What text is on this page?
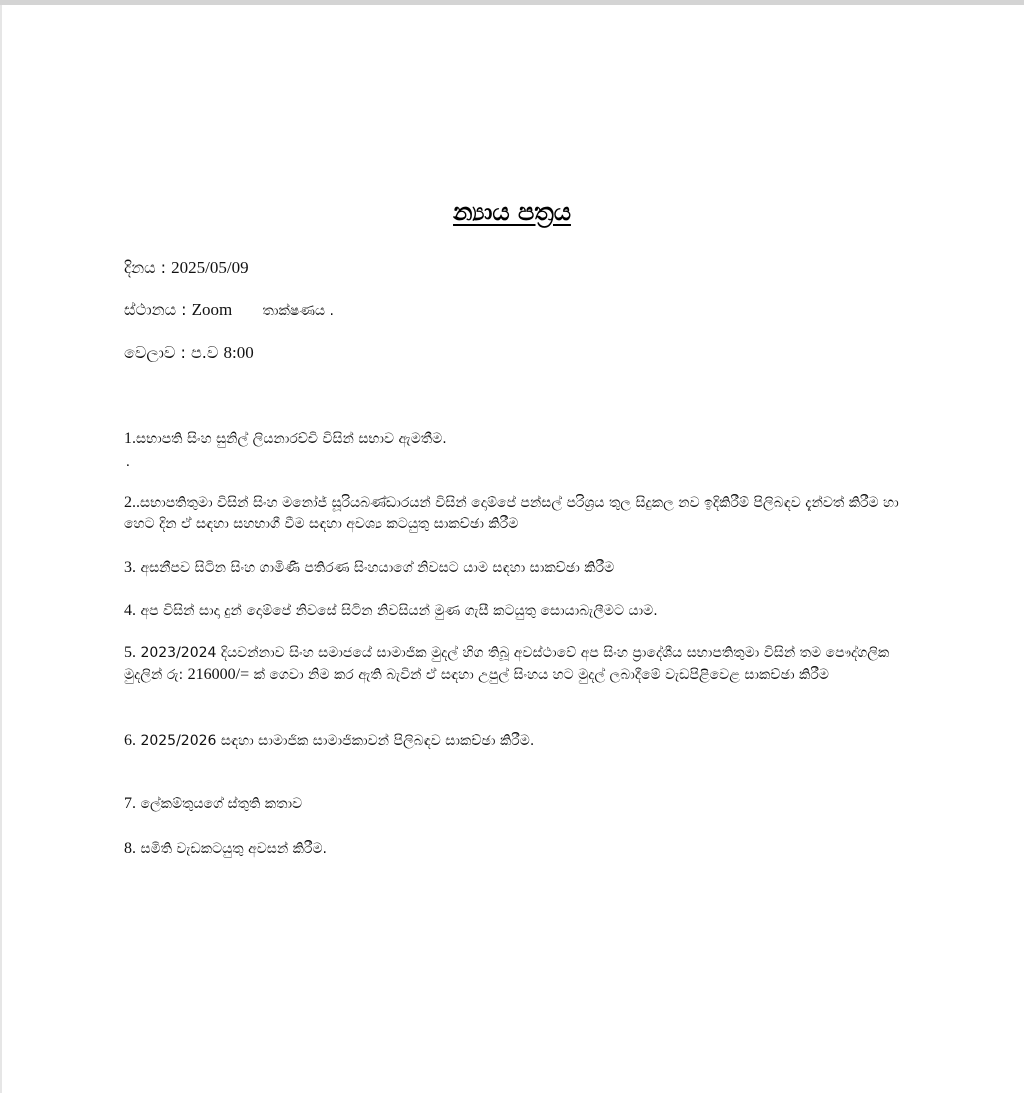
න්‍යාය පත්‍රය
දිනය : 2025/05/09
ස්ථානය : Zoom තාක්ෂණය .
වෙලාව : ප.ව 8:00
1.සභාපති සිංහ සුනිල් ලියනාරච්චි විසින් සභාව ඇමතීම.
.
2..සභාපතිතුමා විසින් සිංහ මනෝජ් සූරියබණ්ඩාරයන් විසින් දොම්පේ පන්සල් පරිශ්‍රය තුල සිදුකල නව ඉදිකිරීම් පිලිබඳව දැන්වත් කිරීම හා හෙට දින ඒ සඳහා සහභාගී වීම සඳහා අවශ්‍ය කටයුතු සාකච්ඡා කිරීම
3. අසනීපව සිටින සිංහ ගාමිණී පතිරණ සිංහයාගේ නිවසට යාම සඳහා සාකච්ඡා කිරීම
4. අප විසින් සාදා දුන් දොම්පේ නිවසේ සිටින නිවසියන් මුණ ගැසී කටයුතු සොයාබැලීමට යාම.
5. 2023/2024 දියවන්නාව සිංහ සමාජයේ සාමාජික මුදල් හිග තිබූ අවස්ථාවේ අප සිංහ ප්‍රාදේශීය සභාපතිතුමා විසින් තම පෞද්ගලික මුදලින් රු: 216000/= ක් ගෙවා නිම කර ඇති බැවින් ඒ සඳහා උපුල් සිංහය හට මුදල් ලබාදීමේ වැඩපිළිවෙළ සාකච්ඡා කිරීම
6. 2025/2026 සඳහා සාමාජික සාමාජිකාවන් පිලිබඳව සාකච්ඡා කිරීම.
7. ලේකම්තුයගේ ස්තුති කතාව
8. සමිති වැඩකටයුතු අවසන් කිරීම.
